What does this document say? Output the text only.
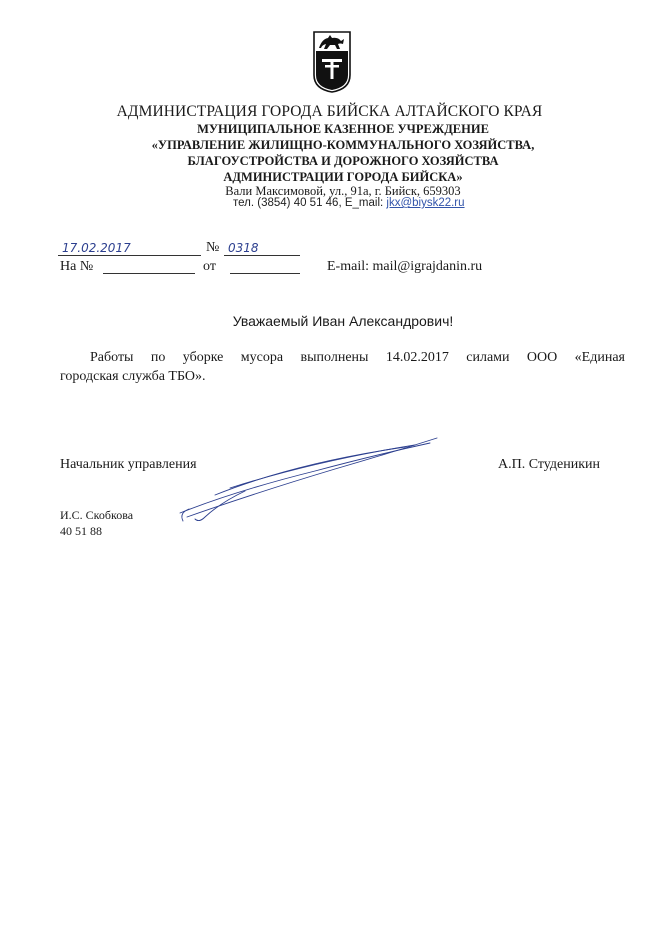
АДМИНИСТРАЦИЯ ГОРОДА БИЙСКА АЛТАЙСКОГО КРАЯ
МУНИЦИПАЛЬНОЕ КАЗЕННОЕ УЧРЕЖДЕНИЕ
«УПРАВЛЕНИЕ ЖИЛИЩНО-КОММУНАЛЬНОГО ХОЗЯЙСТВА,
БЛАГОУСТРОЙСТВА И ДОРОЖНОГО ХОЗЯЙСТВА
АДМИНИСТРАЦИИ ГОРОДА БИЙСКА»
Вали Максимовой, ул., 91а, г. Бийск, 659303
тел. (3854) 40 51 46, E_mail: jkx@biysk22.ru
17.02.2017	№ 0318
На №	от	E-mail: mail@igrajdanin.ru
Уважаемый Иван Александрович!
Работы по уборке мусора выполнены 14.02.2017 силами ООО «Единая
городская служба ТБО».
Начальник управления	А.П. Студеникин
И.С. Скобкова
40 51 88
